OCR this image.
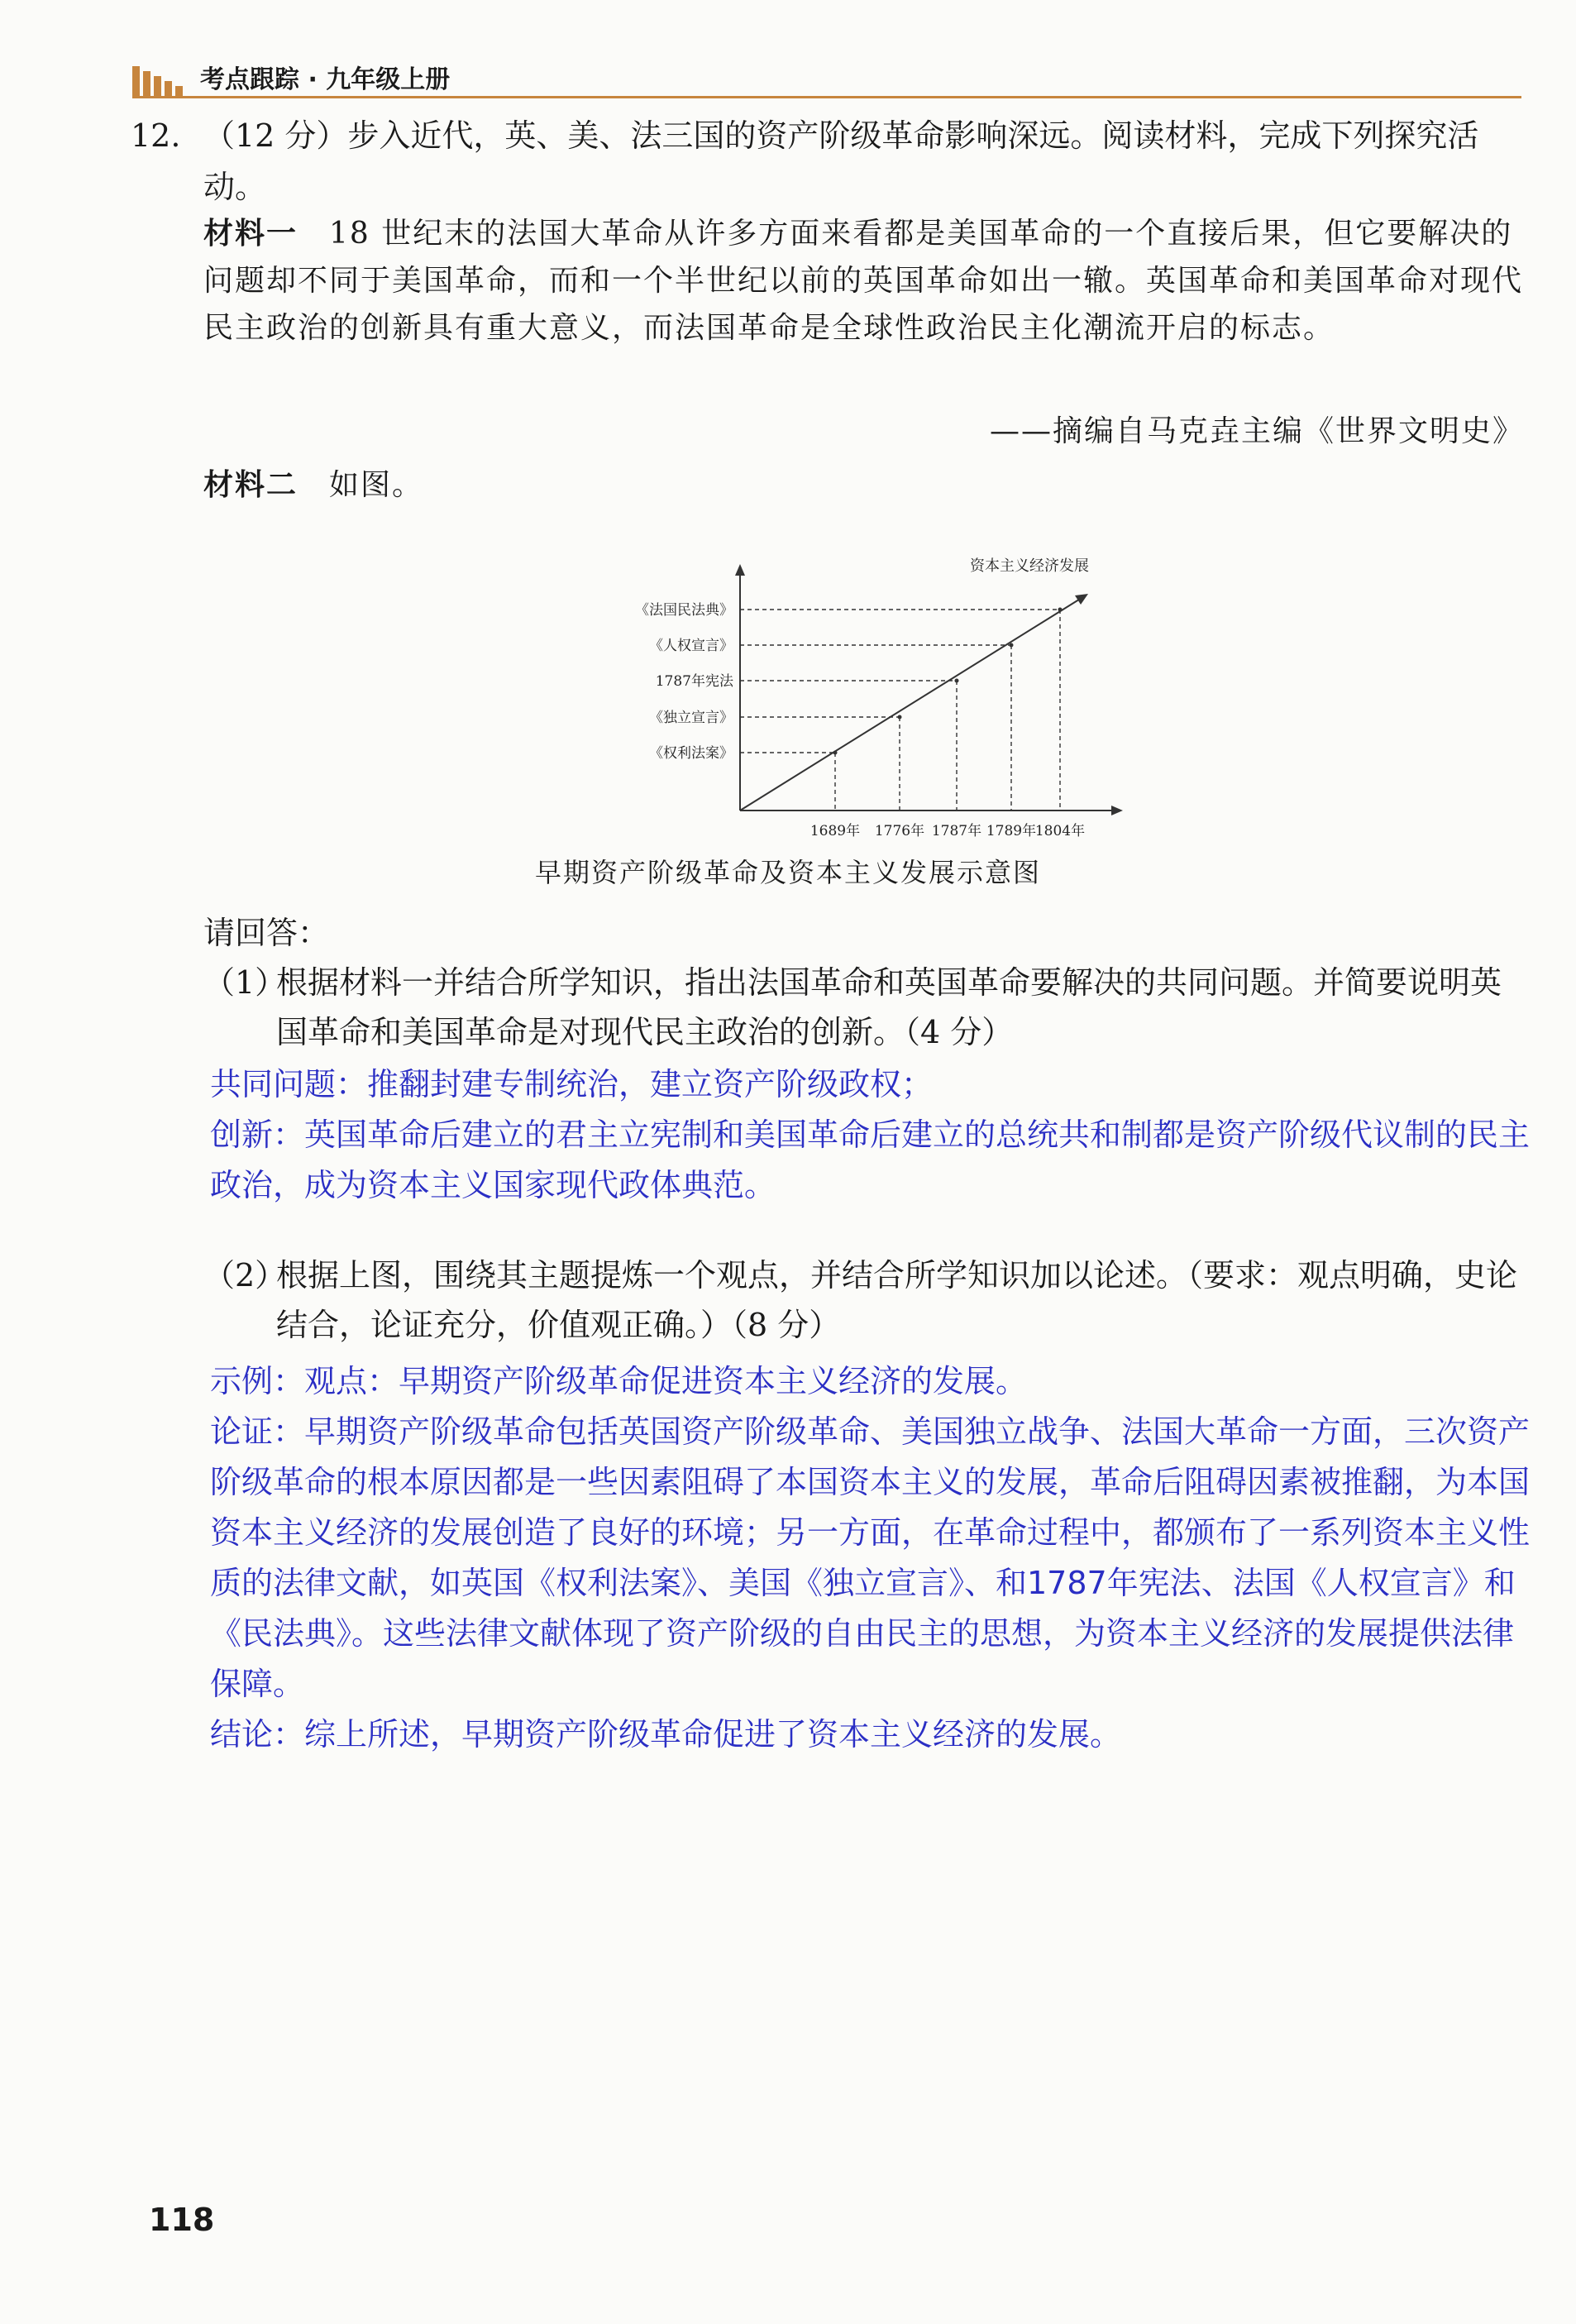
考点跟踪 · 九年级上册
12. （12 分）步入近代，英、美、法三国的资产阶级革命影响深远。阅读材料，完成下列探究活动。
材料一 18 世纪末的法国大革命从许多方面来看都是美国革命的一个直接后果，但它要解决的问题却不同于美国革命，而和一个半世纪以前的英国革命如出一辙。英国革命和美国革命对现代民主政治的创新具有重大意义，而法国革命是全球性政治民主化潮流开启的标志。
——摘编自马克垚主编《世界文明史》
材料二 如图。
《权利法案》
1689年
《独立宣言》
1776年
1787年宪法
1787年
《人权宣言》
1789年
《法国民法典》
1804年
资本主义经济发展
早期资产阶级革命及资本主义发展示意图
请回答：
（1）
根据材料一并结合所学知识，指出法国革命和英国革命要解决的共同问题。并简要说明英国革命和美国革命是对现代民主政治的创新。（4 分）

共同问题：推翻封建专制统治，建立资产阶级政权；

创新：英国革命后建立的君主立宪制和美国革命后建立的总统共和制都是资产阶级代议制的民主政治，成为资本主义国家现代政体典范。

（2）
根据上图，围绕其主题提炼一个观点，并结合所学知识加以论述。（要求：观点明确，史论结合，论证充分，价值观正确。）（8 分）

示例：观点：早期资产阶级革命促进资本主义经济的发展。

论证：早期资产阶级革命包括英国资产阶级革命、美国独立战争、法国大革命一方面，三次资产阶级革命的根本原因都是一些因素阻碍了本国资本主义的发展，革命后阻碍因素被推翻，为本国资本主义经济的发展创造了良好的环境；另一方面，在革命过程中，都颁布了一系列资本主义性质的法律文献，如英国《权利法案》、美国《独立宣言》、和1787年宪法、法国《人权宣言》和《民法典》。这些法律文献体现了资产阶级的自由民主的思想，为资本主义经济的发展提供法律保障。

结论：综上所述，早期资产阶级革命促进了资本主义经济的发展。

118
